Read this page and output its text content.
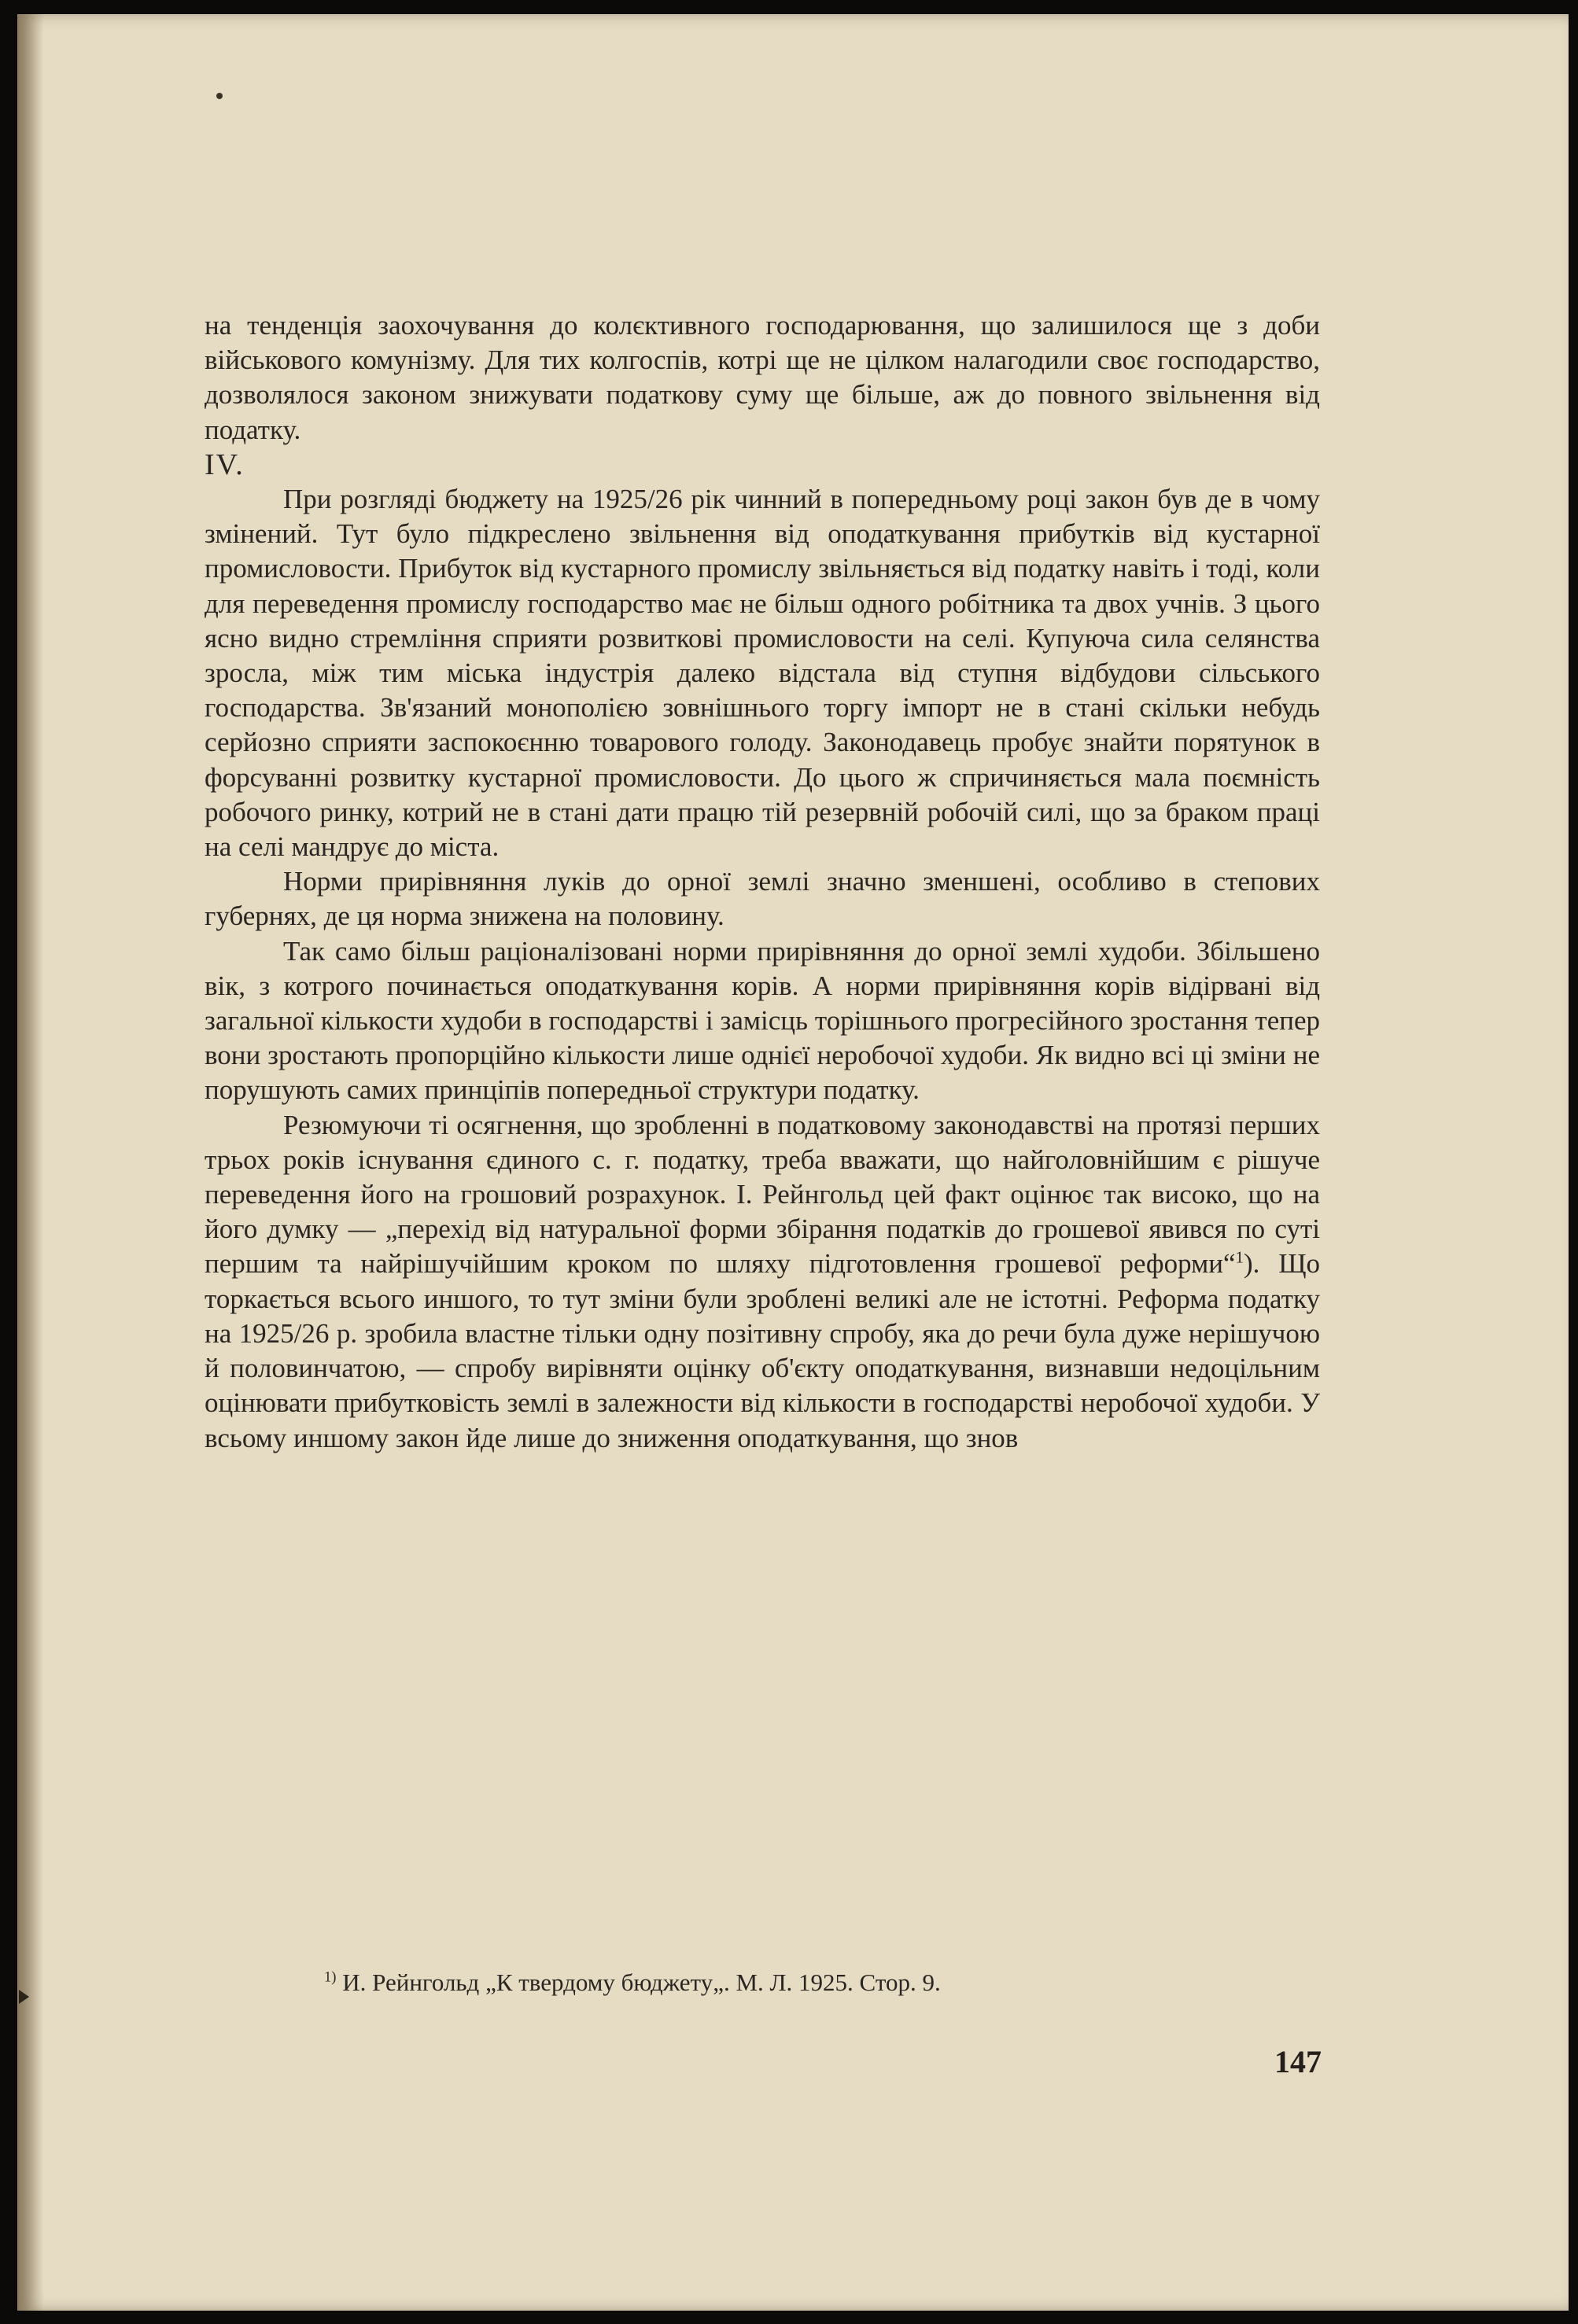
на тенденція заохочування до колєктивного господарювання, що залишилося ще з доби військового комунізму. Для тих колгоспів, котрі ще не цілком налагодили своє господарство, дозволялося законом знижувати податкову суму ще більше, аж до повного звільнення від податку.

IV.

При розгляді бюджету на 1925/26 рік чинний в попередньому році закон був де в чому змінений. Тут було підкреслено звільнення від оподаткування прибутків від кустарної промисловости. Прибуток від кустарного промислу звільняється від податку навіть і тоді, коли для переведення промислу господарство має не більш одного робітника та двох учнів. З цього ясно видно стремління сприяти розвиткові промисловости на селі. Купуюча сила селянства зросла, між тим міська індустрія далеко відстала від ступня відбудови сільського господарства. Зв'язаний монополією зовнішнього торгу імпорт не в стані скільки небудь серйозно сприяти заспокоєнню товарового голоду. Законодавець пробує знайти порятунок в форсуванні розвитку кустарної промисловости. До цього ж спричиняється мала поємність робочого ринку, котрий не в стані дати працю тій резервній робочій силі, що за браком праці на селі мандрує до міста.

Норми прирівняння луків до орної землі значно зменшені, особливо в степових губернях, де ця норма знижена на половину.

Так само більш раціоналізовані норми прирівняння до орної землі худоби. Збільшено вік, з котрого починається оподаткування корів. А норми прирівняння корів відірвані від загальної кількости худоби в господарстві і замісць торішнього прогресійного зростання тепер вони зростають пропорційно кількости лише однієї неробочої худоби. Як видно всі ці зміни не порушують самих принціпів попередньої структури податку.

Резюмуючи ті осягнення, що зробленні в податковому законодавстві на протязі перших трьох років існування єдиного с. г. податку, треба вважати, що найголовнійшим є рішуче переведення його на грошовий розрахунок. І. Рейнгольд цей факт оцінює так високо, що на його думку — „перехід від натуральної форми збірання податків до грошевої явився по суті першим та найрішучійшим кроком по шляху підготовлення грошевої реформи“$^1$). Що торкається всього иншого, то тут зміни були зроблені великі але не істотні. Реформа податку на 1925/26 р. зробила властне тільки одну позітивну спробу, яка до речи була дуже нерішучою й половинчатою, — спробу вирівняти оцінку об'єкту оподаткування, визнавши недоцільним оцінювати прибутковість землі в залежности від кількости в господарстві неробочої худоби. У всьому иншому закон йде лише до зниження оподаткування, що знов

$^{1)}$ И. Рейнгольд „К твердому бюджету„. М. Л. 1925. Стор. 9.
147
